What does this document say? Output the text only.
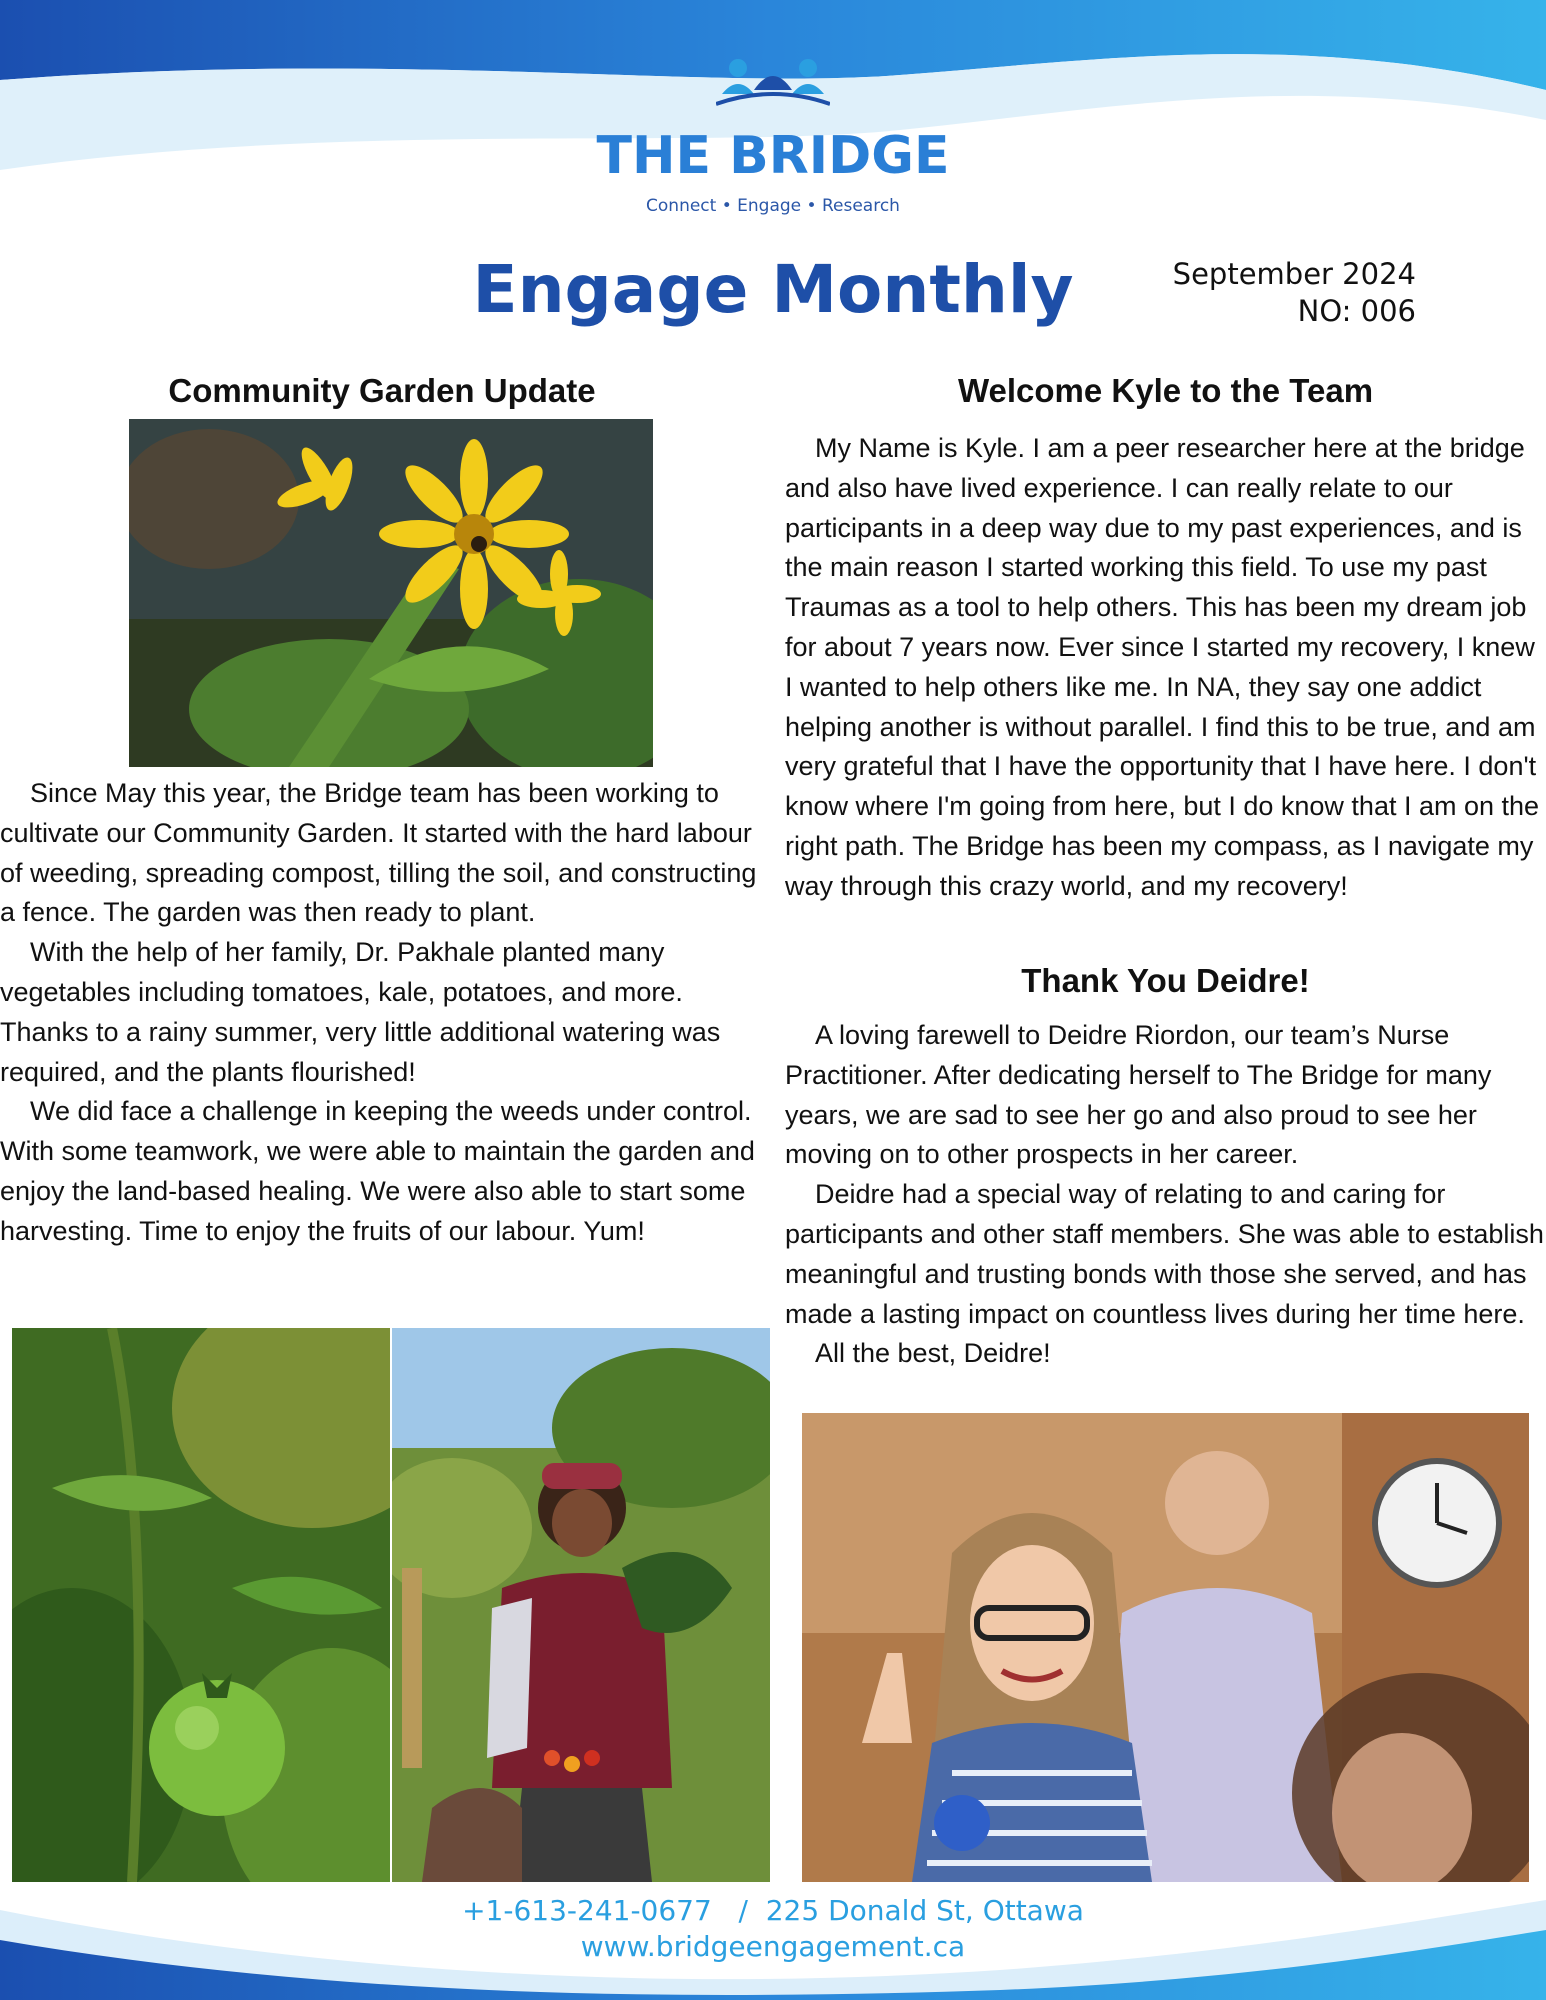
THE BRIDGE
Connect • Engage • Research
Engage Monthly	September 2024
NO: 006
Community Garden Update

Since May this year, the Bridge team has been working to cultivate our Community Garden. It started with the hard labour of weeding, spreading compost, tilling the soil, and constructing a fence. The garden was then ready to plant.

With the help of her family, Dr. Pakhale planted many vegetables including tomatoes, kale, potatoes, and more. Thanks to a rainy summer, very little additional watering was required, and the plants flourished!

We did face a challenge in keeping the weeds under control. With some teamwork, we were able to maintain the garden and enjoy the land-based healing. We were also able to start some harvesting. Time to enjoy the fruits of our labour. Yum!

Welcome Kyle to the Team

My Name is Kyle. I am a peer researcher here at the bridge and also have lived experience. I can really relate to our participants in a deep way due to my past experiences, and is the main reason I started working this field. To use my past Traumas as a tool to help others. This has been my dream job for about 7 years now. Ever since I started my recovery, I knew I wanted to help others like me. In NA, they say one addict helping another is without parallel. I find this to be true, and am very grateful that I have the opportunity that I have here. I don't know where I'm going from here, but I do know that I am on the right path. The Bridge has been my compass, as I navigate my way through this crazy world, and my recovery!

Thank You Deidre!

A loving farewell to Deidre Riordon, our team’s Nurse Practitioner. After dedicating herself to The Bridge for many years, we are sad to see her go and also proud to see her moving on to other prospects in her career.

Deidre had a special way of relating to and caring for participants and other staff members. She was able to establish meaningful and trusting bonds with those she served, and has made a lasting impact on countless lives during her time here.

All the best, Deidre!

+1-613-241-0677   /  225 Donald St, Ottawa
www.bridgeengagement.ca
